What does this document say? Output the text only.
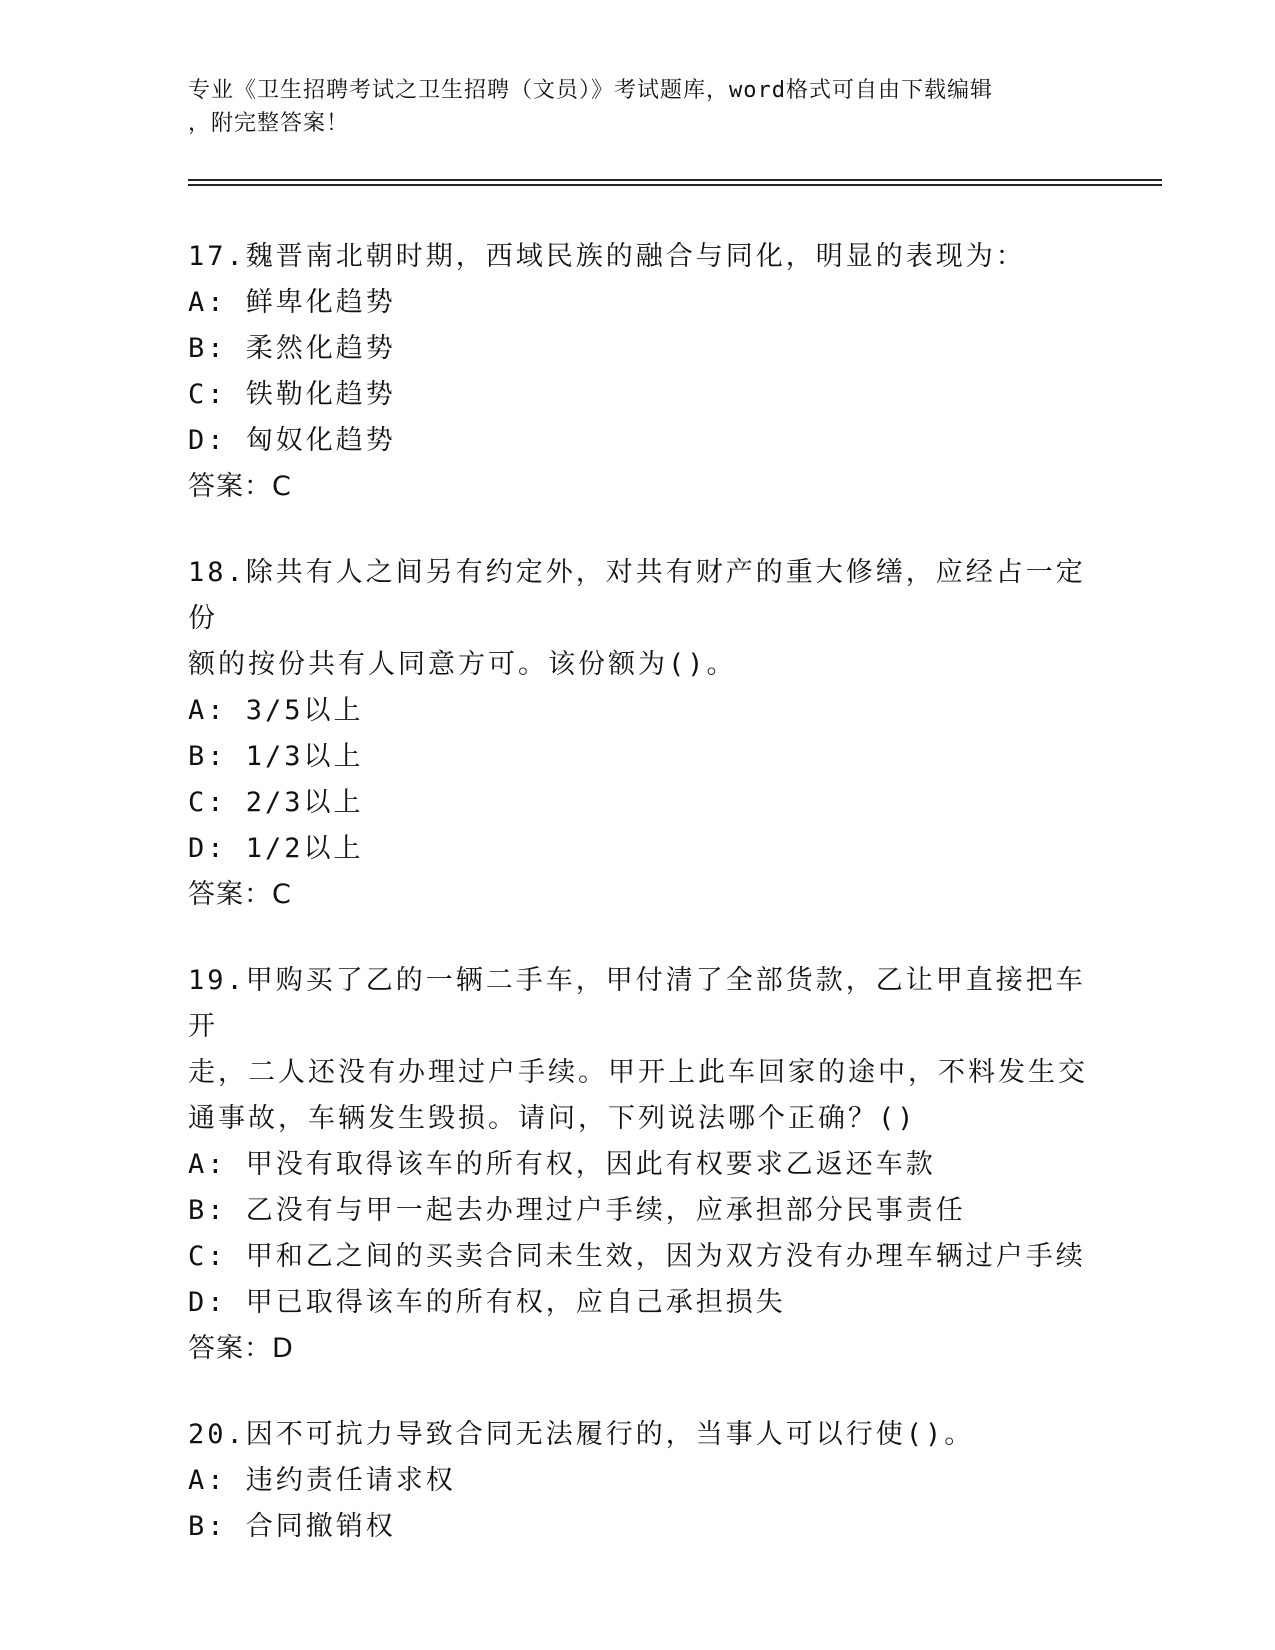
专业《卫生招聘考试之卫生招聘（文员）》考试题库，word格式可自由下载编辑
，附完整答案！
17.魏晋南北朝时期，西域民族的融合与同化，明显的表现为：
A: 鲜卑化趋势
B: 柔然化趋势
C: 铁勒化趋势
D: 匈奴化趋势
答案：C
18.除共有人之间另有约定外，对共有财产的重大修缮，应经占一定份
额的按份共有人同意方可。该份额为()。
A: 3/5以上
B: 1/3以上
C: 2/3以上
D: 1/2以上
答案：C
19.甲购买了乙的一辆二手车，甲付清了全部货款，乙让甲直接把车开
走，二人还没有办理过户手续。甲开上此车回家的途中，不料发生交
通事故，车辆发生毁损。请问，下列说法哪个正确？()
A: 甲没有取得该车的所有权，因此有权要求乙返还车款
B: 乙没有与甲一起去办理过户手续，应承担部分民事责任
C: 甲和乙之间的买卖合同未生效，因为双方没有办理车辆过户手续
D: 甲已取得该车的所有权，应自己承担损失
答案：D
20.因不可抗力导致合同无法履行的，当事人可以行使()。
A: 违约责任请求权
B: 合同撤销权
